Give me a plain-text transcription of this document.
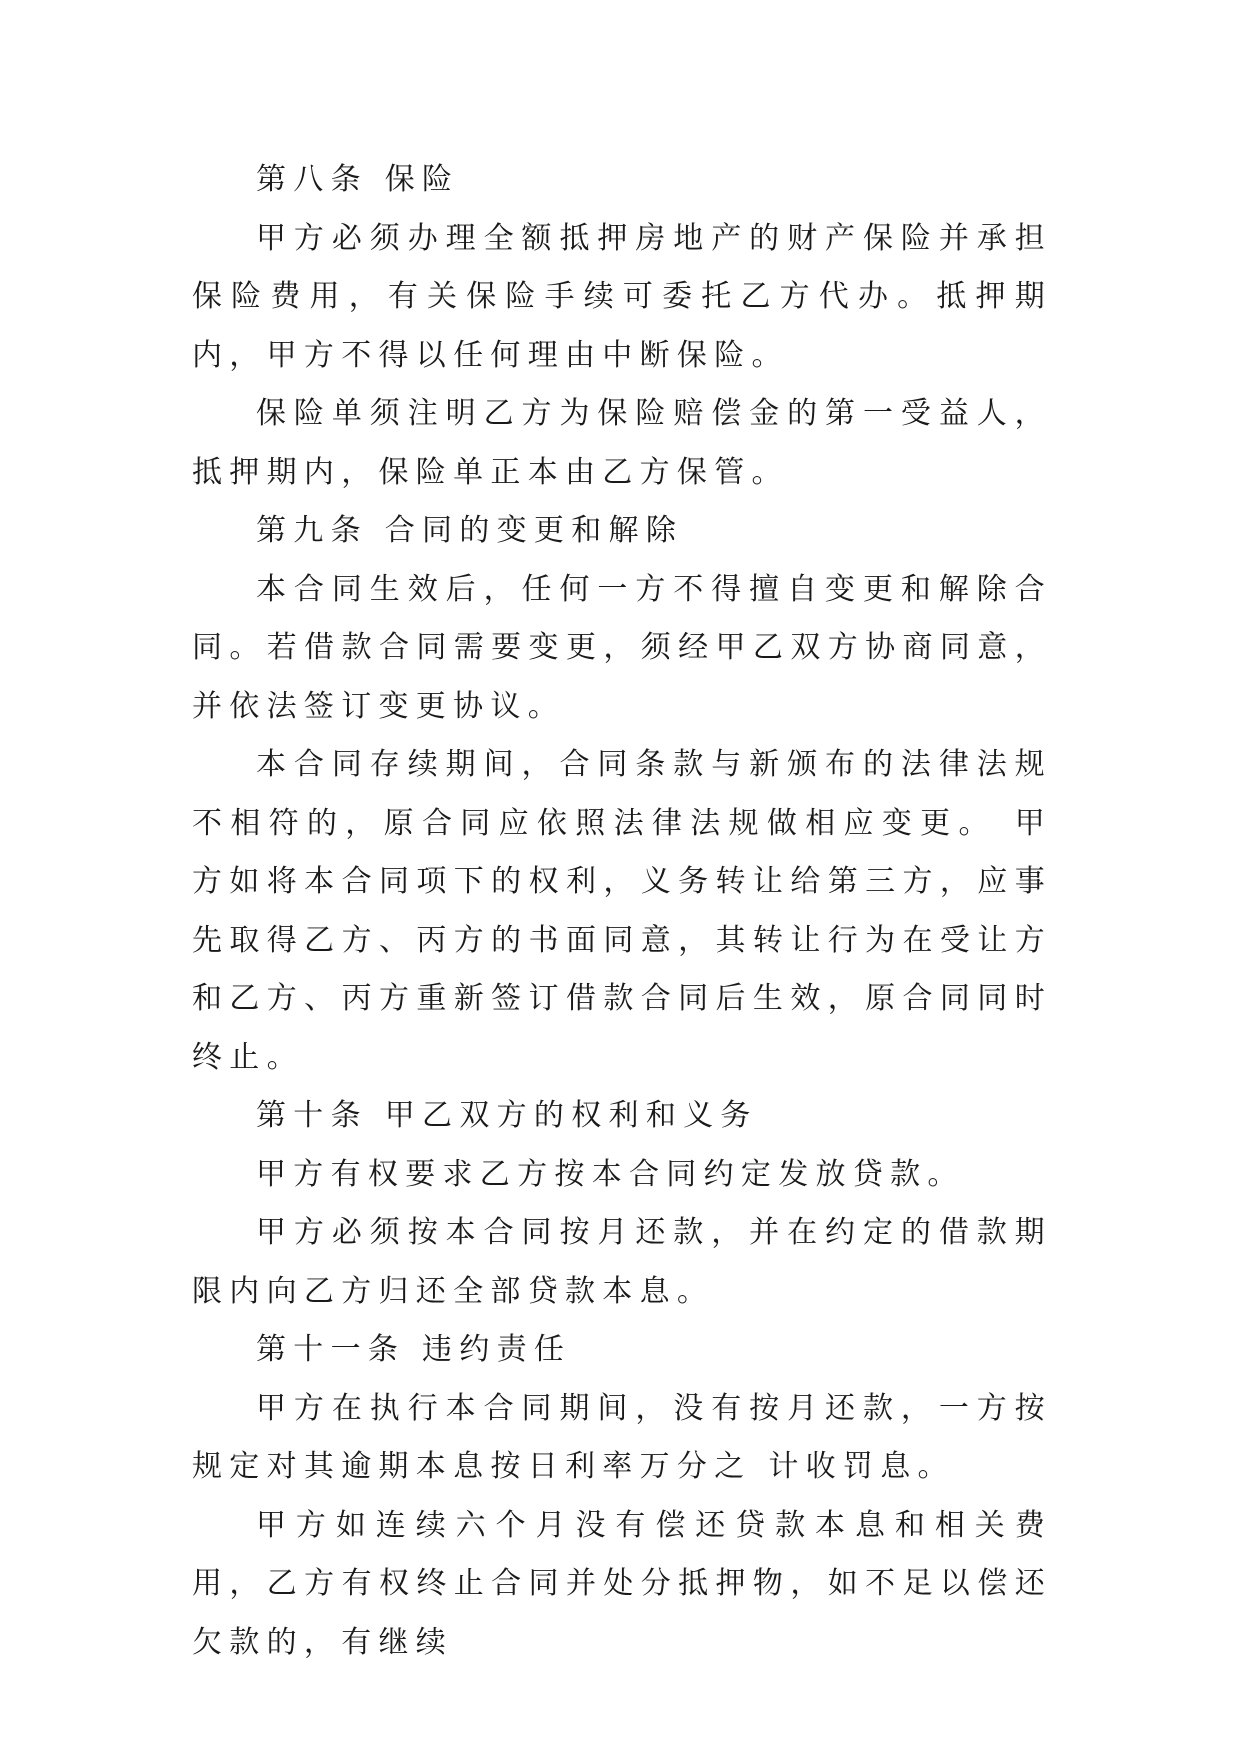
第八条 保险

甲方必须办理全额抵押房地产的财产保险并承担保险费用，有关保险手续可委托乙方代办。抵押期内，甲方不得以任何理由中断保险。

保险单须注明乙方为保险赔偿金的第一受益人，抵押期内，保险单正本由乙方保管。

第九条 合同的变更和解除

本合同生效后，任何一方不得擅自变更和解除合同。若借款合同需要变更，须经甲乙双方协商同意，并依法签订变更协议。

本合同存续期间，合同条款与新颁布的法律法规不相符的，原合同应依照法律法规做相应变更。 甲方如将本合同项下的权利，义务转让给第三方，应事先取得乙方、丙方的书面同意，其转让行为在受让方和乙方、丙方重新签订借款合同后生效，原合同同时终止。

第十条 甲乙双方的权利和义务

甲方有权要求乙方按本合同约定发放贷款。

甲方必须按本合同按月还款，并在约定的借款期限内向乙方归还全部贷款本息。

第十一条 违约责任

甲方在执行本合同期间，没有按月还款，一方按规定对其逾期本息按日利率万分之 计收罚息。

甲方如连续六个月没有偿还贷款本息和相关费用，乙方有权终止合同并处分抵押物，如不足以偿还欠款的，有继续
